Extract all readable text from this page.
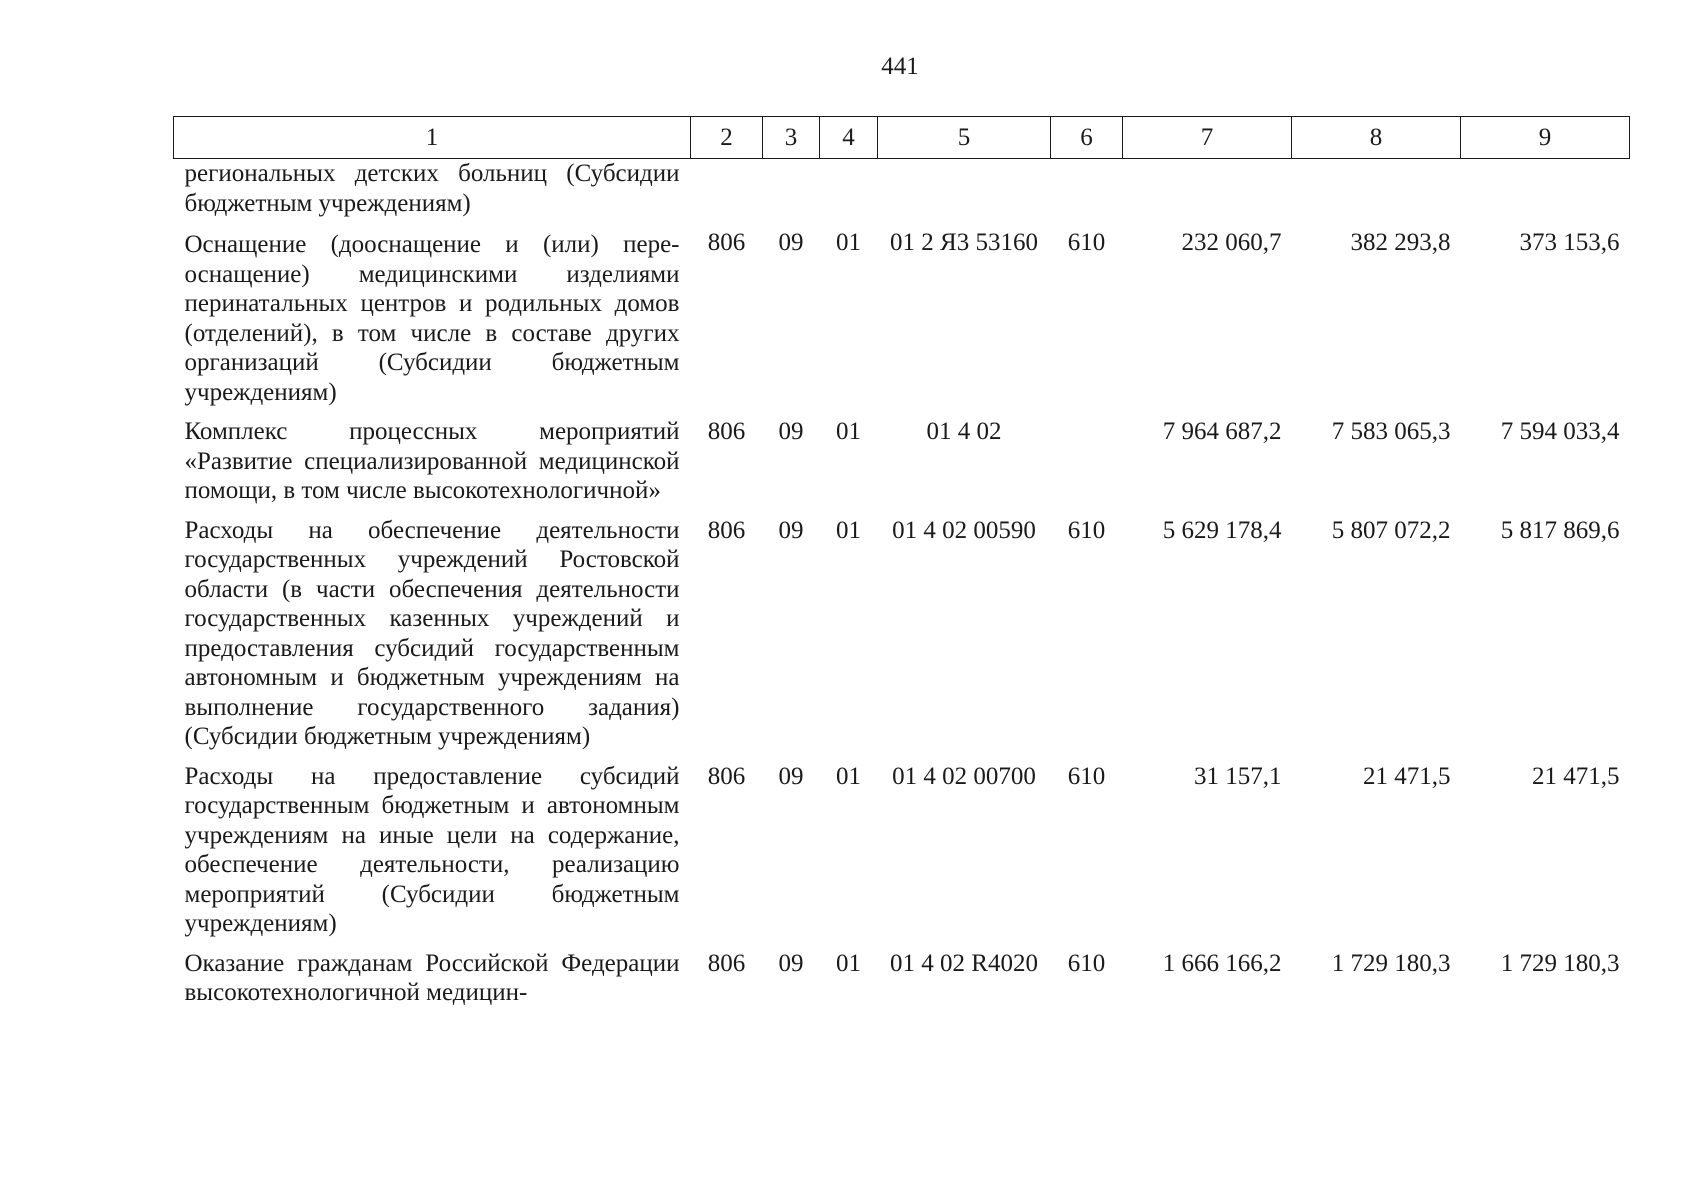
441
1	2	3	4	5	6	7	8	9
региональных детских больниц (Субсидии бюджетным учреждениям)								
Оснащение (дооснащение и (или) переоснащение) медицинскими изделиями перинатальных центров и родильных домов (отделений), в том числе в составе других организаций (Субсидии бюджетным учреждениям)	806	09	01	01 2 Я3 53160	610	232 060,7	382 293,8	373 153,6
Комплекс процессных мероприятий «Развитие специализированной медицинской помощи, в том числе высокотехнологичной»	806	09	01	01 4 02		7 964 687,2	7 583 065,3	7 594 033,4
Расходы на обеспечение деятельности государственных учреждений Ростовской области (в части обеспечения деятельности государственных казенных учреждений и предоставления субсидий государственным автономным и бюджетным учреждениям на выполнение государственного задания) (Субсидии бюджетным учреждениям)	806	09	01	01 4 02 00590	610	5 629 178,4	5 807 072,2	5 817 869,6
Расходы на предоставление субсидий государственным бюджетным и автономным учреждениям на иные цели на содержание, обеспечение деятельности, реализацию мероприятий (Субсидии бюджетным учреждениям)	806	09	01	01 4 02 00700	610	31 157,1	21 471,5	21 471,5
Оказание гражданам Российской Федерации высокотехнологичной медицин-	806	09	01	01 4 02 R4020	610	1 666 166,2	1 729 180,3	1 729 180,3
